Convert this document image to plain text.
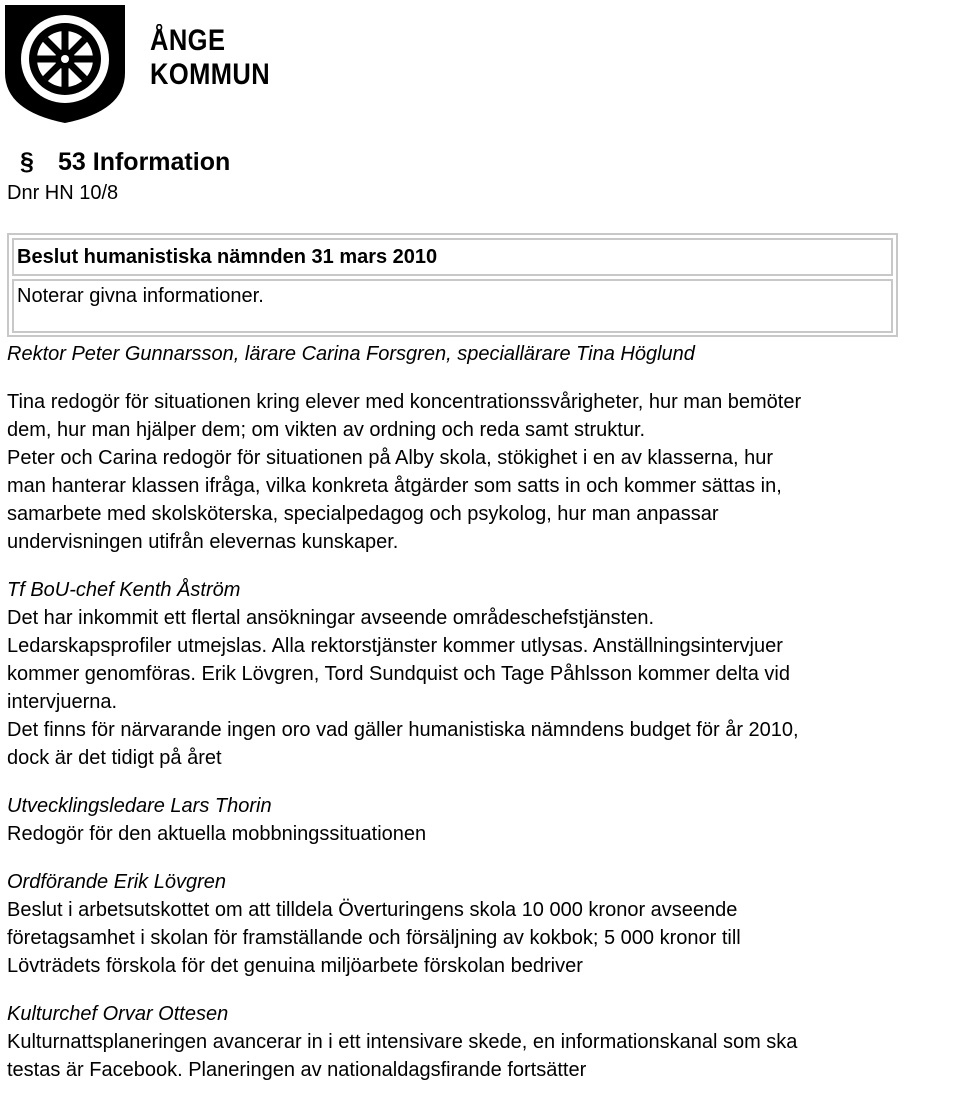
ÅNGE
KOMMUN
§ 53 Information
Dnr HN 10/8
Beslut humanistiska nämnden 31 mars 2010
Noterar givna informationer.

Rektor Peter Gunnarsson, lärare Carina Forsgren, speciallärare Tina Höglund

Tina redogör för situationen kring elever med koncentrationssvårigheter, hur man bemöter

dem, hur man hjälper dem; om vikten av ordning och reda samt struktur.

Peter och Carina redogör för situationen på Alby skola, stökighet i en av klasserna, hur

man hanterar klassen ifråga, vilka konkreta åtgärder som satts in och kommer sättas in,

samarbete med skolsköterska, specialpedagog och psykolog, hur man anpassar

undervisningen utifrån elevernas kunskaper.

Tf BoU-chef Kenth Åström

Det har inkommit ett flertal ansökningar avseende områdeschefstjänsten.

Ledarskapsprofiler utmejslas. Alla rektorstjänster kommer utlysas. Anställningsintervjuer

kommer genomföras. Erik Lövgren, Tord Sundquist och Tage Påhlsson kommer delta vid

intervjuerna.

Det finns för närvarande ingen oro vad gäller humanistiska nämndens budget för år 2010,

dock är det tidigt på året

Utvecklingsledare Lars Thorin

Redogör för den aktuella mobbningssituationen

Ordförande Erik Lövgren

Beslut i arbetsutskottet om att tilldela Överturingens skola 10 000 kronor avseende

företagsamhet i skolan för framställande och försäljning av kokbok; 5 000 kronor till

Lövträdets förskola för det genuina miljöarbete förskolan bedriver

Kulturchef Orvar Ottesen

Kulturnattsplaneringen avancerar in i ett intensivare skede, en informationskanal som ska

testas är Facebook. Planeringen av nationaldagsfirande fortsätter
